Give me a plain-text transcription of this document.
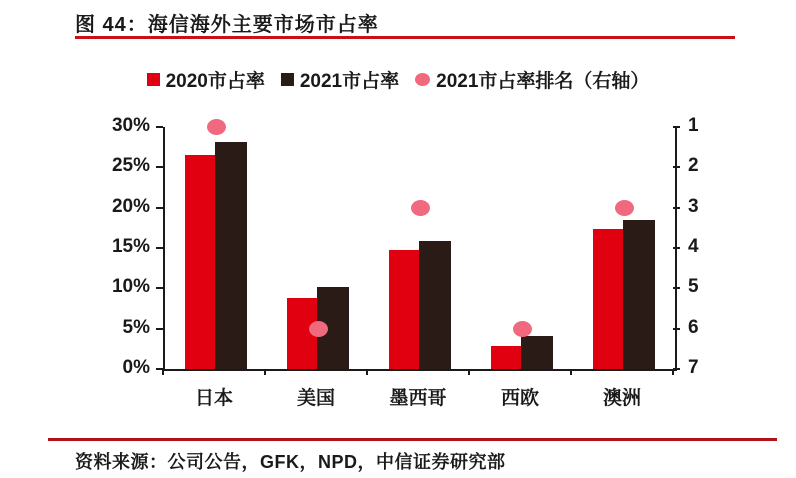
图 44：海信海外主要市场市占率
2020市占率 2021市占率 2021市占率排名（右轴）
30%
25%
20%
15%
10%
5%
0%
1
2
3
4
5
6
7
日本	美国	墨西哥	西欧	澳洲
资料来源：公司公告，GFK，NPD，中信证券研究部
